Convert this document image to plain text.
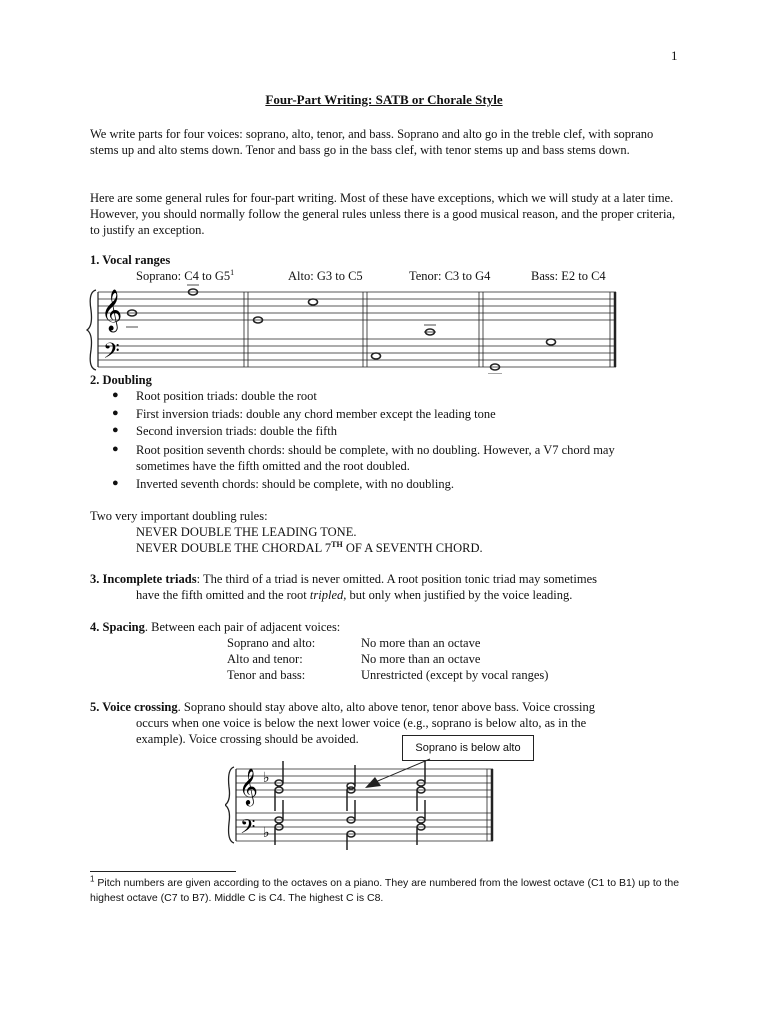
1
Four-Part Writing: SATB or Chorale Style
We write parts for four voices: soprano, alto, tenor, and bass. Soprano and alto go in the treble clef, with soprano stems up and alto stems down. Tenor and bass go in the bass clef, with tenor stems up and bass stems down.
Here are some general rules for four-part writing. Most of these have exceptions, which we will study at a later time. However, you should normally follow the general rules unless there is a good musical reason, and the proper criteria, to justify an exception.
1. Vocal ranges
Soprano: C4 to $G5^1$	Alto: G3 to C5	Tenor: C3 to G4	Bass: E2 to C4
𝄞
𝄢
2. Doubling
● Root position triads: double the root
● First inversion triads: double any chord member except the leading tone
● Second inversion triads: double the fifth
● Root position seventh chords: should be complete, with no doubling. However, a V7 chord may
sometimes have the fifth omitted and the root doubled.
● Inverted seventh chords: should be complete, with no doubling.
Two very important doubling rules:
NEVER DOUBLE THE LEADING TONE.
NEVER DOUBLE THE CHORDAL 7TH OF A SEVENTH CHORD.
3. Incomplete triads: The third of a triad is never omitted. A root position tonic triad may sometimes
have the fifth omitted and the root tripled, but only when justified by the voice leading.
4. Spacing. Between each pair of adjacent voices:
Soprano and alto:	No more than an octave
Alto and tenor:	No more than an octave
Tenor and bass:	Unrestricted (except by vocal ranges)
5. Voice crossing. Soprano should stay above alto, alto above tenor, tenor above bass. Voice crossing
occurs when one voice is below the next lower voice (e.g., soprano is below alto, as in the
example). Voice crossing should be avoided.
Soprano is below alto
𝄞
𝄢
♭
♭
$^1$ Pitch numbers are given according to the octaves on a piano. They are numbered from the lowest octave (C1 to B1) up to the highest octave (C7 to B7). Middle C is C4. The highest C is C8.
